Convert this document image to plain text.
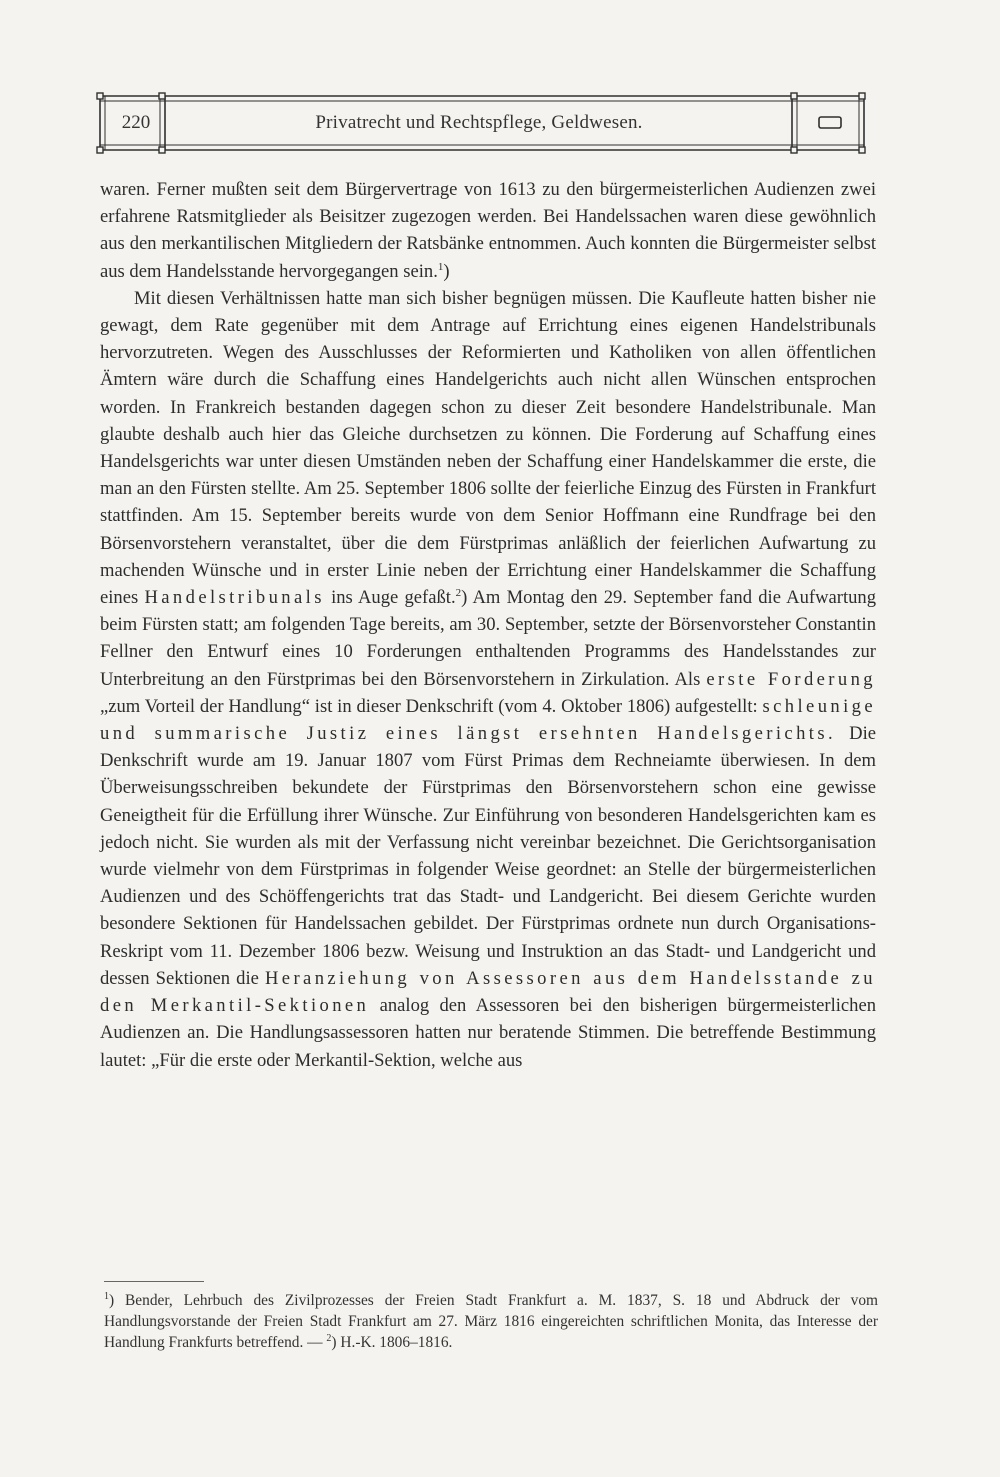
220	Privatrecht und Rechtspflege, Geldwesen.

waren. Ferner mußten seit dem Bürgervertrage von 1613 zu den bürgermeisterlichen Audienzen zwei erfahrene Ratsmitglieder als Beisitzer zugezogen werden. Bei Handelssachen waren diese gewöhnlich aus den merkantilischen Mitgliedern der Ratsbänke entnommen. Auch konnten die Bürgermeister selbst aus dem Handelsstande hervorgegangen sein.$^1$)

Mit diesen Verhältnissen hatte man sich bisher begnügen müssen. Die Kaufleute hatten bisher nie gewagt, dem Rate gegenüber mit dem Antrage auf Errichtung eines eigenen Handelstribunals hervorzutreten. Wegen des Ausschlusses der Reformierten und Katholiken von allen öffentlichen Ämtern wäre durch die Schaffung eines Handelgerichts auch nicht allen Wünschen entsprochen worden. In Frankreich bestanden dagegen schon zu dieser Zeit besondere Handelstribunale. Man glaubte deshalb auch hier das Gleiche durchsetzen zu können. Die Forderung auf Schaffung eines Handelsgerichts war unter diesen Umständen neben der Schaffung einer Handelskammer die erste, die man an den Fürsten stellte. Am 25. September 1806 sollte der feierliche Einzug des Fürsten in Frankfurt stattfinden. Am 15. September bereits wurde von dem Senior Hoffmann eine Rundfrage bei den Börsenvorstehern veranstaltet, über die dem Fürstprimas anläßlich der feierlichen Aufwartung zu machenden Wünsche und in erster Linie neben der Errichtung einer Handelskammer die Schaffung eines Handelstribunals ins Auge gefaßt.$^2$) Am Montag den 29. September fand die Aufwartung beim Fürsten statt; am folgenden Tage bereits, am 30. September, setzte der Börsenvorsteher Constantin Fellner den Entwurf eines 10 Forderungen enthaltenden Programms des Handelsstandes zur Unterbreitung an den Fürstprimas bei den Börsenvorstehern in Zirkulation. Als erste Forderung „zum Vorteil der Handlung“ ist in dieser Denkschrift (vom 4. Oktober 1806) aufgestellt: schleunige und summarische Justiz eines längst ersehnten Handelsgerichts. Die Denkschrift wurde am 19. Januar 1807 vom Fürst Primas dem Rechneiamte überwiesen. In dem Überweisungsschreiben bekundete der Fürstprimas den Börsenvorstehern schon eine gewisse Geneigtheit für die Erfüllung ihrer Wünsche. Zur Einführung von besonderen Handelsgerichten kam es jedoch nicht. Sie wurden als mit der Verfassung nicht vereinbar bezeichnet. Die Gerichtsorganisation wurde vielmehr von dem Fürstprimas in folgender Weise geordnet: an Stelle der bürgermeisterlichen Audienzen und des Schöffengerichts trat das Stadt- und Landgericht. Bei diesem Gerichte wurden besondere Sektionen für Handelssachen gebildet. Der Fürstprimas ordnete nun durch Organisations-Reskript vom 11. Dezember 1806 bezw. Weisung und Instruktion an das Stadt- und Landgericht und dessen Sektionen die Heranziehung von Assessoren aus dem Handelsstande zu den Merkantil-Sektionen analog den Assessoren bei den bisherigen bürgermeisterlichen Audienzen an. Die Handlungsassessoren hatten nur beratende Stimmen. Die betreffende Bestimmung lautet: „Für die erste oder Merkantil-Sektion, welche aus

$^1$) Bender, Lehrbuch des Zivilprozesses der Freien Stadt Frankfurt a. M. 1837, S. 18 und Abdruck der vom Handlungsvorstande der Freien Stadt Frankfurt am 27. März 1816 eingereichten schriftlichen Monita, das Interesse der Handlung Frankfurts betreffend. — $^2$) H.-K. 1806–1816.
